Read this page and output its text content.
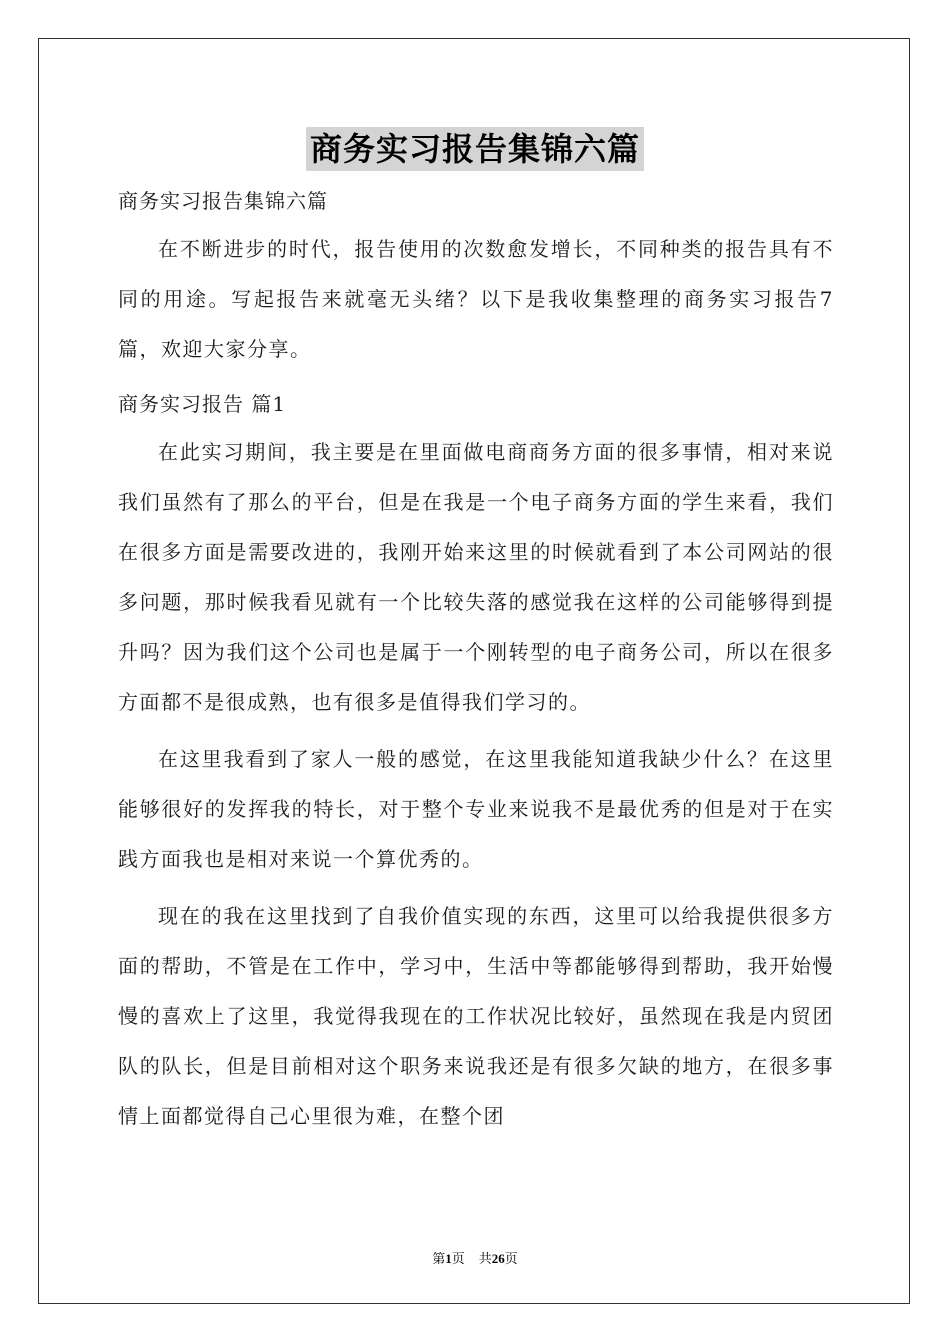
商务实习报告集锦六篇

商务实习报告集锦六篇

在不断进步的时代，报告使用的次数愈发增长，不同种类的报告具有不同的用途。写起报告来就毫无头绪？以下是我收集整理的商务实习报告7篇，欢迎大家分享。

商务实习报告 篇1

在此实习期间，我主要是在里面做电商商务方面的很多事情，相对来说我们虽然有了那么的平台，但是在我是一个电子商务方面的学生来看，我们在很多方面是需要改进的，我刚开始来这里的时候就看到了本公司网站的很多问题，那时候我看见就有一个比较失落的感觉我在这样的公司能够得到提升吗？因为我们这个公司也是属于一个刚转型的电子商务公司，所以在很多方面都不是很成熟，也有很多是值得我们学习的。

在这里我看到了家人一般的感觉，在这里我能知道我缺少什么？在这里能够很好的发挥我的特长，对于整个专业来说我不是最优秀的但是对于在实践方面我也是相对来说一个算优秀的。

现在的我在这里找到了自我价值实现的东西，这里可以给我提供很多方面的帮助，不管是在工作中，学习中，生活中等都能够得到帮助，我开始慢慢的喜欢上了这里，我觉得我现在的工作状况比较好，虽然现在我是内贸团队的队长，但是目前相对这个职务来说我还是有很多欠缺的地方，在很多事情上面都觉得自己心里很为难，在整个团

第1页 共26页
